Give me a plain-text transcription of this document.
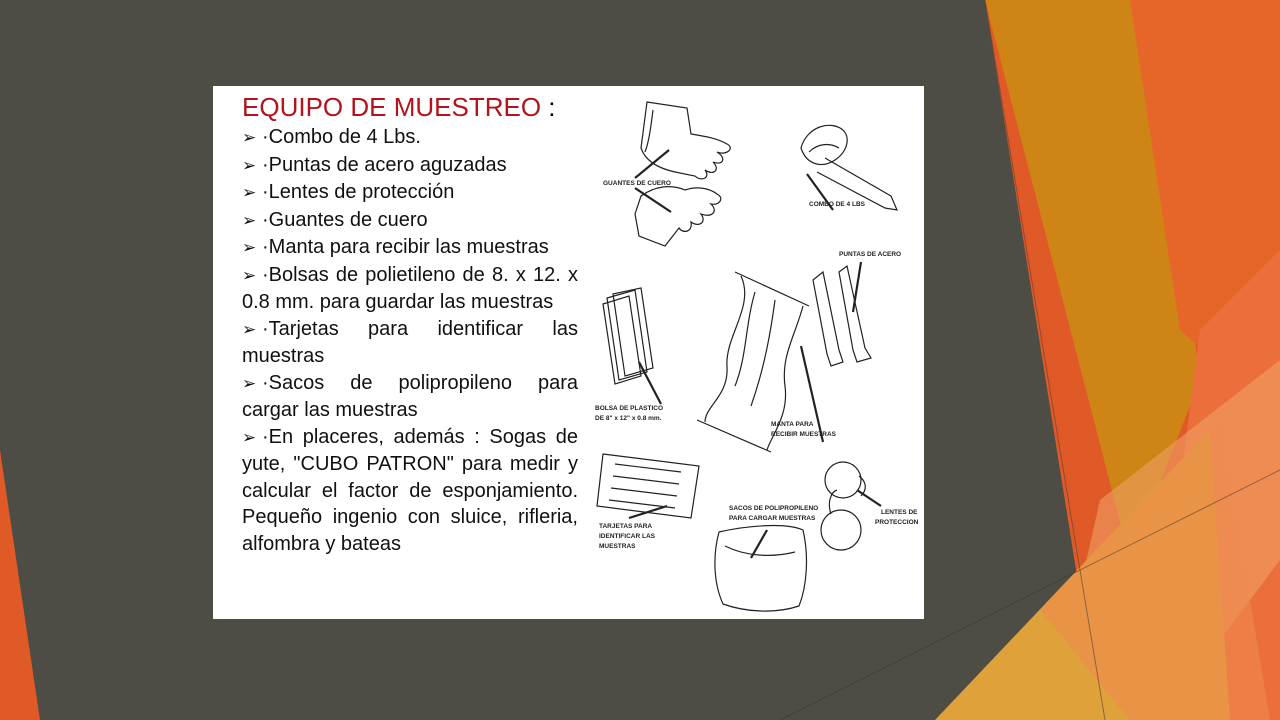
EQUIPO DE MUESTREO :

➢ ·Combo de 4 Lbs.

➢ ·Puntas de acero aguzadas

➢ ·Lentes de protección

➢ ·Guantes de cuero

➢ ·Manta para recibir las muestras

➢ ·Bolsas de polietileno de 8. x 12. x 0.8 mm. para guardar las muestras

➢ ·Tarjetas para identificar las muestras

➢ ·Sacos de polipropileno para cargar las muestras

➢ ·En placeres, además : Sogas de yute, "CUBO PATRON" para medir y calcular el factor de esponjamiento. Pequeño ingenio con sluice, rifleria, alfombra y bateas

GUANTES DE CUERO
COMBO DE 4 LBS
PUNTAS DE ACERO
BOLSA DE PLASTICO
DE 8" x 12" x 0.8 mm.
MANTA PARA
RECIBIR MUESTRAS
TARJETAS PARA
IDENTIFICAR LAS
MUESTRAS
SACOS DE POLIPROPILENO
PARA CARGAR MUESTRAS
LENTES DE
PROTECCION
